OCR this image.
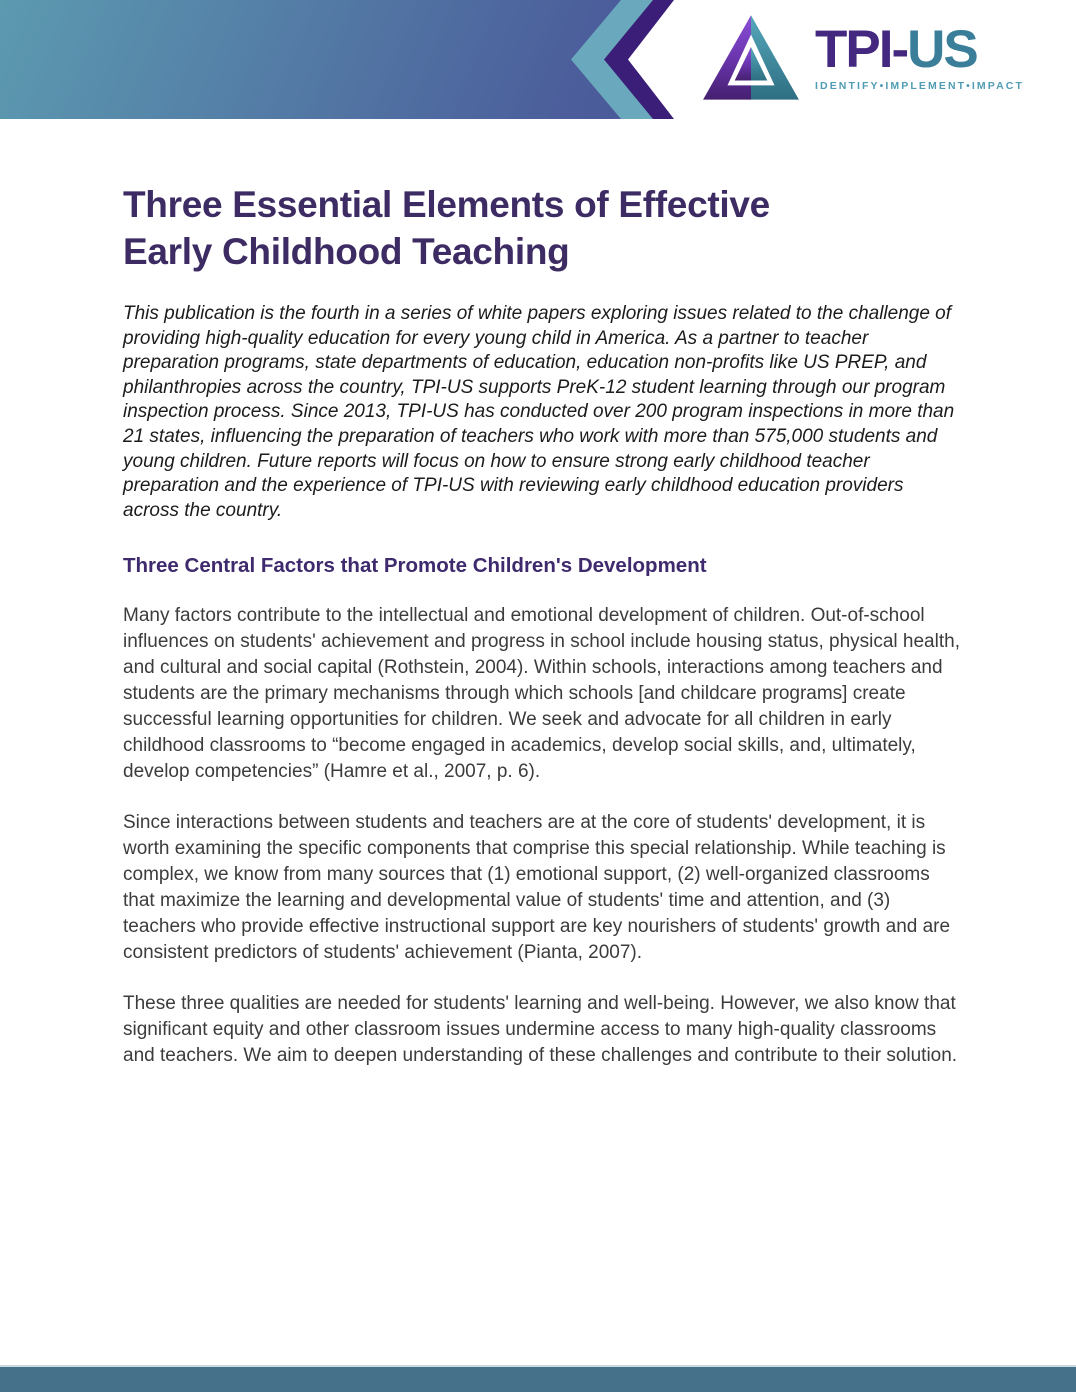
TPI-US
IDENTIFY•IMPLEMENT•IMPACT
Three Essential Elements of Effective
Early Childhood Teaching

This publication is the fourth in a series of white papers exploring issues related to the challenge of providing high-quality education for every young child in America. As a partner to teacher preparation programs, state departments of education, education non-profits like US PREP, and philanthropies across the country, TPI-US supports PreK-12 student learning through our program inspection process. Since 2013, TPI-US has conducted over 200 program inspections in more than 21 states, influencing the preparation of teachers who work with more than 575,000 students and young children. Future reports will focus on how to ensure strong early childhood teacher preparation and the experience of TPI-US with reviewing early childhood education providers across the country.

Three Central Factors that Promote Children's Development

Many factors contribute to the intellectual and emotional development of children. Out-of-school influences on students' achievement and progress in school include housing status, physical health, and cultural and social capital (Rothstein, 2004). Within schools, interactions among teachers and students are the primary mechanisms through which schools [and childcare programs] create successful learning opportunities for children. We seek and advocate for all children in early childhood classrooms to “become engaged in academics, develop social skills, and, ultimately, develop competencies” (Hamre et al., 2007, p. 6).

Since interactions between students and teachers are at the core of students' development, it is worth examining the specific components that comprise this special relationship. While teaching is complex, we know from many sources that (1) emotional support, (2) well-organized classrooms that maximize the learning and developmental value of students' time and attention, and (3) teachers who provide effective instructional support are key nourishers of students' growth and are consistent predictors of students' achievement (Pianta, 2007).

These three qualities are needed for students' learning and well-being. However, we also know that significant equity and other classroom issues undermine access to many high-quality classrooms and teachers. We aim to deepen understanding of these challenges and contribute to their solution.
